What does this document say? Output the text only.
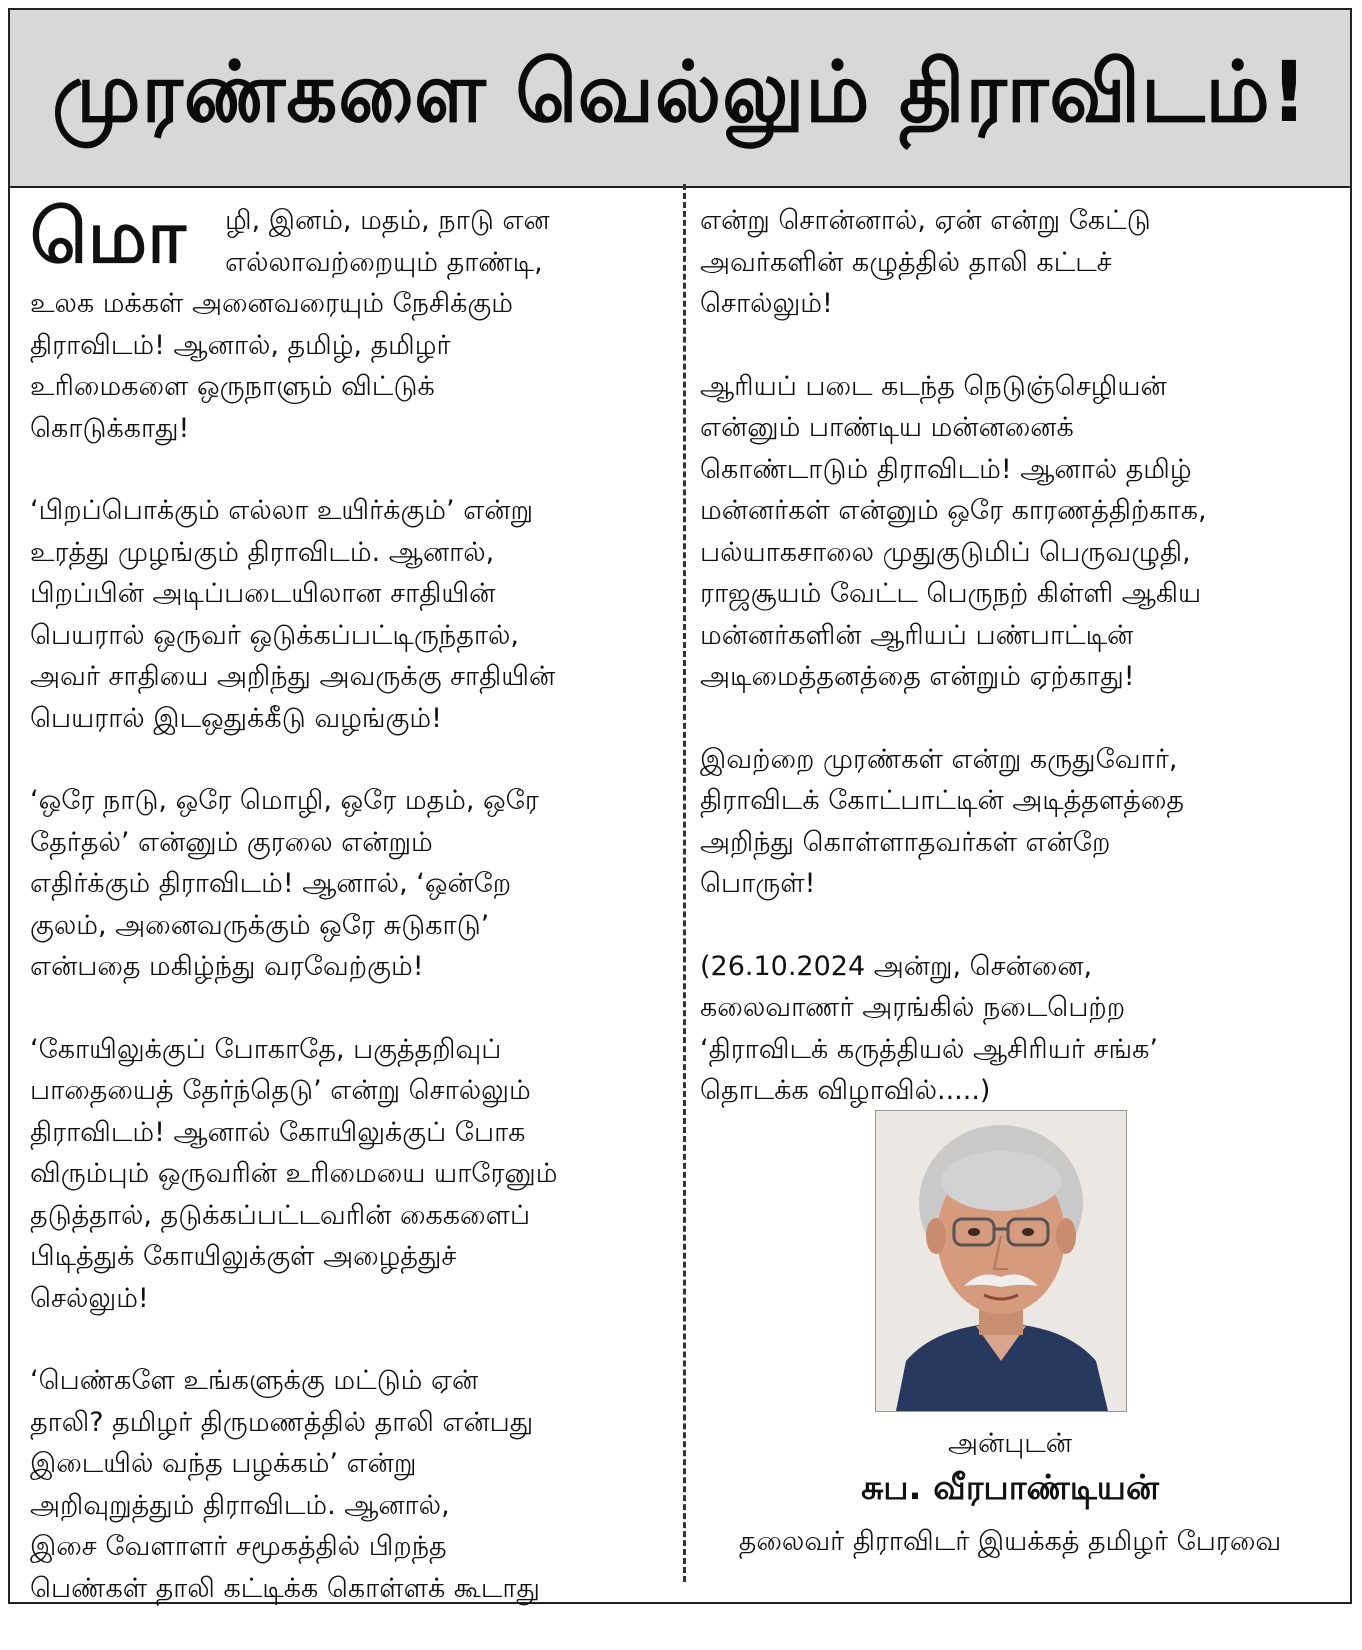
முரண்களை வெல்லும் திராவிடம்!
மொ	ழி, இனம், மதம், நாடு என
எல்லாவற்றையும் தாண்டி,
உலக மக்கள் அனைவரையும் நேசிக்கும்
திராவிடம்! ஆனால், தமிழ், தமிழர்
உரிமைகளை ஒருநாளும் விட்டுக்
கொடுக்காது!
‘பிறப்பொக்கும் எல்லா உயிர்க்கும்’ என்று
உரத்து முழங்கும் திராவிடம். ஆனால்,
பிறப்பின் அடிப்படையிலான சாதியின்
பெயரால் ஒருவர் ஒடுக்கப்பட்டிருந்தால்,
அவர் சாதியை அறிந்து அவருக்கு சாதியின்
பெயரால் இடஒதுக்கீடு வழங்கும்!
‘ஒரே நாடு, ஒரே மொழி, ஒரே மதம், ஒரே
தேர்தல்’ என்னும் குரலை என்றும்
எதிர்க்கும் திராவிடம்! ஆனால், ‘ஒன்றே
குலம், அனைவருக்கும் ஒரே சுடுகாடு’
என்பதை மகிழ்ந்து வரவேற்கும்!
‘கோயிலுக்குப் போகாதே, பகுத்தறிவுப்
பாதையைத் தேர்ந்தெடு’ என்று சொல்லும்
திராவிடம்! ஆனால் கோயிலுக்குப் போக
விரும்பும் ஒருவரின் உரிமையை யாரேனும்
தடுத்தால், தடுக்கப்பட்டவரின் கைகளைப்
பிடித்துக் கோயிலுக்குள் அழைத்துச்
செல்லும்!
‘பெண்களே உங்களுக்கு மட்டும் ஏன்
தாலி? தமிழர் திருமணத்தில் தாலி என்பது
இடையில் வந்த பழக்கம்’ என்று
அறிவுறுத்தும் திராவிடம். ஆனால்,
இசை வேளாளர் சமூகத்தில் பிறந்த
பெண்கள் தாலி கட்டிக்க கொள்ளக் கூடாது
என்று சொன்னால், ஏன் என்று கேட்டு
அவர்களின் கழுத்தில் தாலி கட்டச்
சொல்லும்!
ஆரியப் படை கடந்த நெடுஞ்செழியன்
என்னும் பாண்டிய மன்னனைக்
கொண்டாடும் திராவிடம்! ஆனால் தமிழ்
மன்னர்கள் என்னும் ஒரே காரணத்திற்காக,
பல்யாகசாலை முதுகுடுமிப் பெருவழுதி,
ராஜசூயம் வேட்ட பெருநற் கிள்ளி ஆகிய
மன்னர்களின் ஆரியப் பண்பாட்டின்
அடிமைத்தனத்தை என்றும் ஏற்காது!
இவற்றை முரண்கள் என்று கருதுவோர்,
திராவிடக் கோட்பாட்டின் அடித்தளத்தை
அறிந்து கொள்ளாதவர்கள் என்றே
பொருள்!
(26.10.2024 அன்று, சென்னை,
கலைவாணர் அரங்கில் நடைபெற்ற
‘திராவிடக் கருத்தியல் ஆசிரியர் சங்க’
தொடக்க விழாவில்.....)
அன்புடன்
சுப. வீரபாண்டியன்
தலைவர் திராவிடர் இயக்கத் தமிழர் பேரவை
